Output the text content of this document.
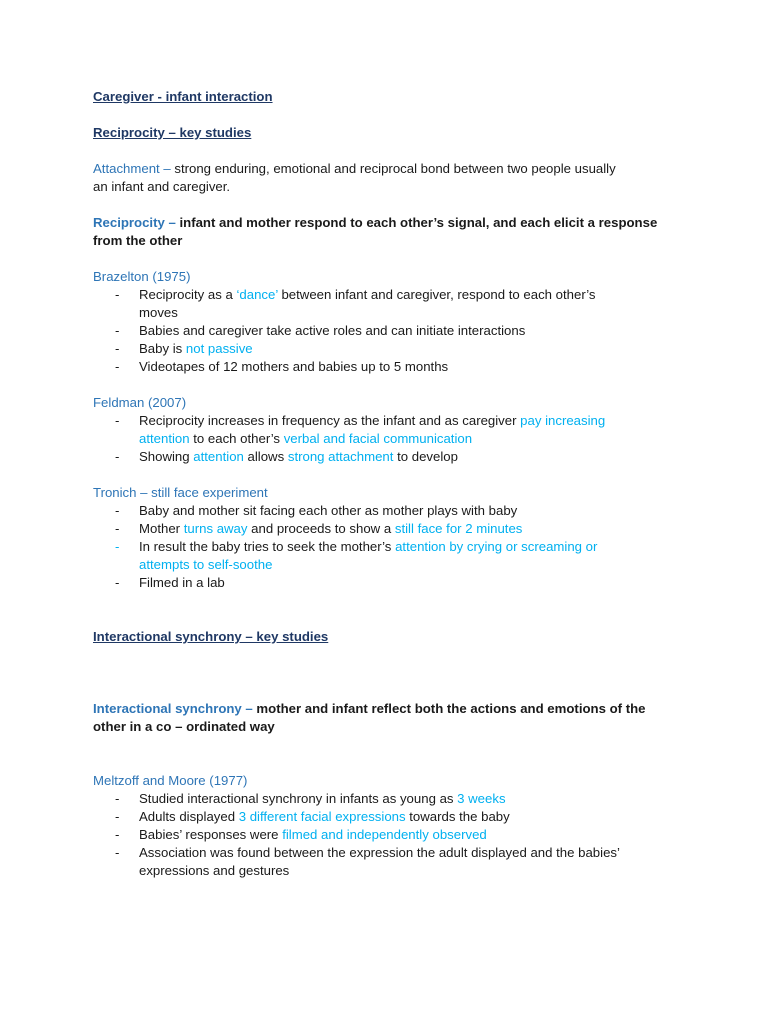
Caregiver - infant interaction
Reciprocity – key studies
Attachment – strong enduring, emotional and reciprocal bond between two people usually
an infant and caregiver.
Reciprocity – infant and mother respond to each other’s signal, and each elicit a response
from the other
Brazelton (1975)
- Reciprocity as a ‘dance’ between infant and caregiver, respond to each other’s
moves
- Babies and caregiver take active roles and can initiate interactions
- Baby is not passive
- Videotapes of 12 mothers and babies up to 5 months
Feldman (2007)
- Reciprocity increases in frequency as the infant and as caregiver pay increasing
attention to each other’s verbal and facial communication
- Showing attention allows strong attachment to develop
Tronich – still face experiment
- Baby and mother sit facing each other as mother plays with baby
- Mother turns away and proceeds to show a still face for 2 minutes
- In result the baby tries to seek the mother’s attention by crying or screaming or
attempts to self-soothe
- Filmed in a lab
Interactional synchrony – key studies
Interactional synchrony – mother and infant reflect both the actions and emotions of the
other in a co – ordinated way
Meltzoff and Moore (1977)
- Studied interactional synchrony in infants as young as 3 weeks
- Adults displayed 3 different facial expressions towards the baby
- Babies’ responses were filmed and independently observed
- Association was found between the expression the adult displayed and the babies’
expressions and gestures
